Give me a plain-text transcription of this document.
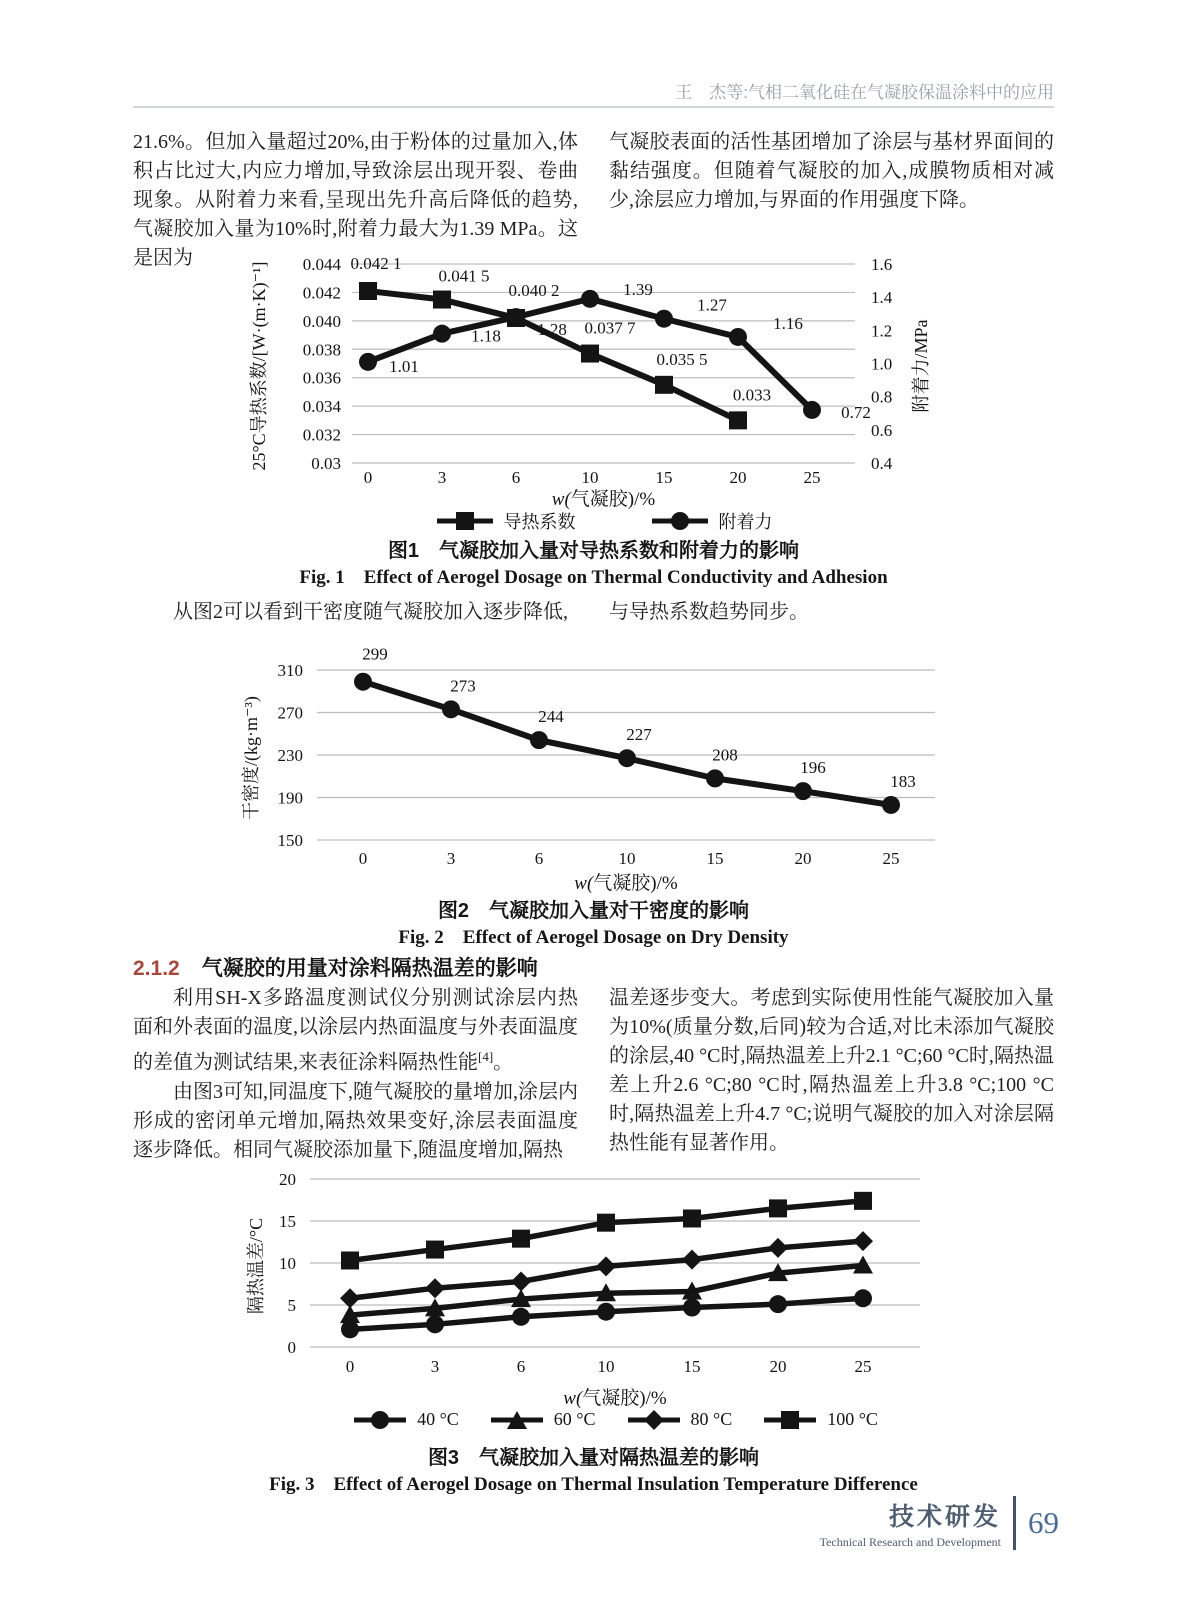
王　杰等:气相二氧化硅在气凝胶保温涂料中的应用

21.6%。但加入量超过20%,由于粉体的过量加入,体积占比过大,内应力增加,导致涂层出现开裂、卷曲现象。从附着力来看,呈现出先升高后降低的趋势,气凝胶加入量为10%时,附着力最大为1.39 MPa。这是因为

气凝胶表面的活性基团增加了涂层与基材界面间的黏结强度。但随着气凝胶的加入,成膜物质相对减少,涂层应力增加,与界面的作用强度下降。

0.044
0.042
0.040
0.038
0.036
0.034
0.032
0.03
1.6
1.4
1.2
1.0
0.8
0.6
0.4
0	3	6	10	15	20	25
0.042 1
0.041 5
0.040 2
0.037 7
0.035 5
0.033
1.01
1.18 1.28
1.39
1.27
1.16
0.72
25°C导热系数/[W·(m·K)⁻¹]	附着力/MPa
w(气凝胶)/%
导热系数	附着力
图1　气凝胶加入量对导热系数和附着力的影响
Fig. 1　Effect of Aerogel Dosage on Thermal Conductivity and Adhesion

从图2可以看到干密度随气凝胶加入逐步降低,	与导热系数趋势同步。

310
270
230
190
150
0	3	6	10	15	20	25
299
273
244
227
208
196
183
干密度/(kg·m⁻³)
w(气凝胶)/%
图2　气凝胶加入量对干密度的影响
Fig. 2　Effect of Aerogel Dosage on Dry Density
2.1.2 气凝胶的用量对涂料隔热温差的影响

利用SH-X多路温度测试仪分别测试涂层内热面和外表面的温度,以涂层内热面温度与外表面温度的差值为测试结果,来表征涂料隔热性能[4]。

由图3可知,同温度下,随气凝胶的量增加,涂层内形成的密闭单元增加,隔热效果变好,涂层表面温度逐步降低。相同气凝胶添加量下,随温度增加,隔热

温差逐步变大。考虑到实际使用性能气凝胶加入量为10%(质量分数,后同)较为合适,对比未添加气凝胶的涂层,40 °C时,隔热温差上升2.1 °C;60 °C时,隔热温差上升2.6 °C;80 °C时,隔热温差上升3.8 °C;100 °C时,隔热温差上升4.7 °C;说明气凝胶的加入对涂层隔热性能有显著作用。

20
15
10
5
0
0	3	6	10	15	20	25
隔热温差/°C
w(气凝胶)/%
40 °C	60 °C	80 °C	100 °C
图3　气凝胶加入量对隔热温差的影响
Fig. 3　Effect of Aerogel Dosage on Thermal Insulation Temperature Difference
技术研发
Technical Research and Development
69
